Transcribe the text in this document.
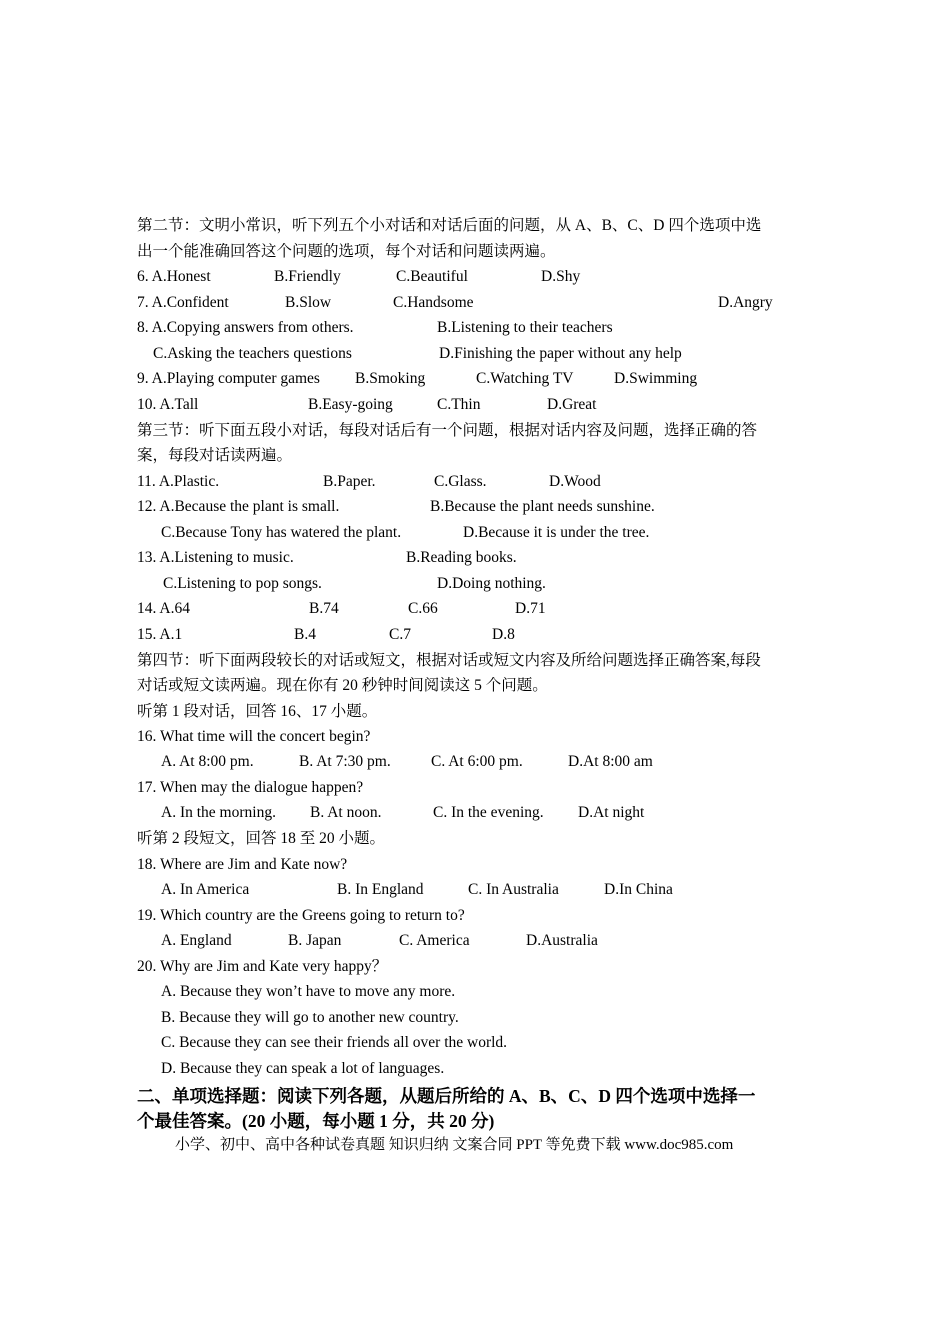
第二节：文明小常识，听下列五个小对话和对话后面的问题，从 A、B、C、D 四个选项中选
出一个能准确回答这个问题的选项，每个对话和问题读两遍。
6. A.Honest	B.Friendly	C.Beautiful	D.Shy
7. A.Confident	B.Slow	C.Handsome	D.Angry
8. A.Copying answers from others.	B.Listening to their teachers
C.Asking the teachers questions	D.Finishing the paper without any help
9. A.Playing computer games B.Smoking	C.Watching TV	D.Swimming
10. A.Tall	B.Easy-going	C.Thin	D.Great
第三节：听下面五段小对话，每段对话后有一个问题，根据对话内容及问题，选择正确的答
案，每段对话读两遍。
11. A.Plastic.	B.Paper.	C.Glass.	D.Wood
12. A.Because the plant is small.	B.Because the plant needs sunshine.
C.Because Tony has watered the plant.	D.Because it is under the tree.
13. A.Listening to music.	B.Reading books.
C.Listening to pop songs.	D.Doing nothing.
14. A.64	B.74	C.66	D.71
15. A.1	B.4	C.7	D.8
第四节：听下面两段较长的对话或短文，根据对话或短文内容及所给问题选择正确答案,每段
对话或短文读两遍。现在你有 20 秒钟时间阅读这 5 个问题。
听第 1 段对话，回答 16、17 小题。
16. What time will the concert begin?
A. At 8:00 pm.	B. At 7:30 pm.	C. At 6:00 pm.	D.At 8:00 am
17. When may the dialogue happen?
A. In the morning. B. At noon.	C. In the evening. D.At night
听第 2 段短文，回答 18 至 20 小题。
18. Where are Jim and Kate now?
A. In America	B. In England	C. In Australia	D.In China
19. Which country are the Greens going to return to?
A. England	B. Japan	C. America	D.Australia
20. Why are Jim and Kate very happy？
A. Because they won’t have to move any more.
B. Because they will go to another new country.
C. Because they can see their friends all over the world.
D. Because they can speak a lot of languages.
二、单项选择题：阅读下列各题，从题后所给的 A、B、C、D 四个选项中选择一
个最佳答案。(20 小题，每小题 1 分，共 20 分)
小学、初中、高中各种试卷真题 知识归纳 文案合同 PPT 等免费下载 www.doc985.com
